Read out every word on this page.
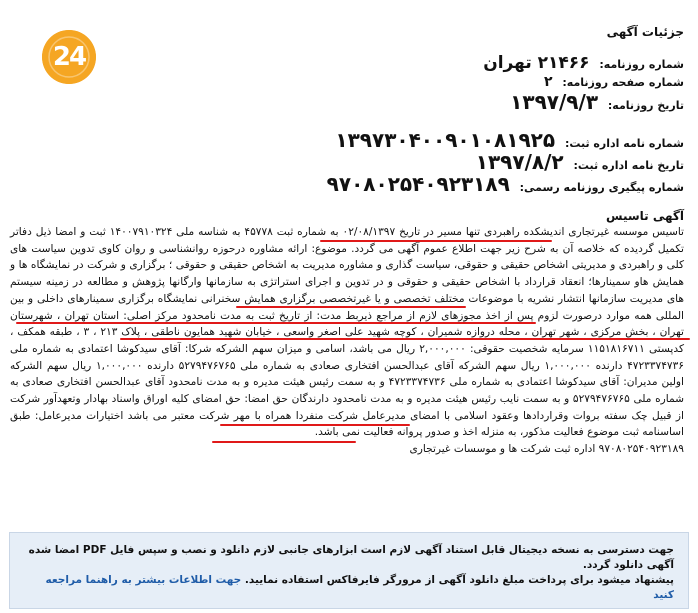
24
جزئیات آگهی
شماره روزنامه: ۲۱۴۶۶ تهران
شماره صفحه روزنامه: ۲
تاریخ روزنامه: ۱۳۹۷/۹/۳
شماره نامه اداره ثبت: ۱۳۹۷۳۰۴۰۰۹۰۱۰۸۱۹۲۵
تاریخ نامه اداره ثبت: ۱۳۹۷/۸/۲
شماره پیگیری روزنامه رسمی: ۹۷۰۸۰۲۵۴۰۹۲۳۱۸۹
آگهی تاسیس
تاسیس موسسه غیرتجاری اندیشکده راهبردی تنها مسیر در تاریخ ۰۲/۰۸/۱۳۹۷ به شماره ثبت ۴۵۷۷۸ به شناسه ملی ۱۴۰۰۷۹۱۰۳۲۴ ثبت و امضا ذیل دفاتر تکمیل گردیده که خلاصه آن به شرح زیر جهت اطلاع عموم آگهی می گردد. موضوع: ارائه مشاوره درحوزه روانشناسی و روان کاوی تدوین سیاست های کلی و راهبردی و مدیریتی اشخاص حقیقی و حقوقی، سیاست گذاری و مشاوره مدیریت به اشخاص حقیقی و حقوقی ؛ برگزاری و شرکت در نمایشگاه ها و همایش هاو سمینارها؛ انعقاد قرارداد با اشخاص حقیقی و حقوقی و در تدوین و اجرای استراتژی به سازمانها وارگانها پژوهش و مطالعه در زمینه سیستم های مدیریت سازمانها انتشار نشریه با موضوعات مختلف تخصصی و یا غیرتخصصی برگزاری همایش سخنرانی نمایشگاه برگزاری سمینارهای داخلی و بین المللی همه موارد درصورت لزوم پس از اخذ مجوزهای لازم از مراجع ذیربط مدت: از تاریخ ثبت به مدت نامحدود مرکز اصلی: استان تهران ، شهرستان تهران ، بخش مرکزی ، شهر تهران ، محله دروازه شمیران ، کوچه شهید علی اصغر واسعی ، خیابان شهید همایون ناطقی ، پلاک ۲۱۳ ، ۳ ، طبقه همکف ، کدپستی ۱۱۵۱۸۱۶۷۱۱ سرمایه شخصیت حقوقی: ۲,۰۰۰,۰۰۰ ریال می باشد، اسامی و میزان سهم الشرکه شرکا: آقای سیدکوشا اعتمادی به شماره ملی ۴۷۲۳۳۷۴۷۳۶ دارنده ۱,۰۰۰,۰۰۰ ریال سهم الشرکه آقای عبدالحسن افتخاری صعادی به شماره ملی ۵۲۷۹۴۷۶۷۶۵ دارنده ۱,۰۰۰,۰۰۰ ریال سهم الشرکه اولین مدیران: آقای سیدکوشا اعتمادی به شماره ملی ۴۷۲۳۳۷۴۷۳۶ و به سمت رئیس هیئت مدیره و به مدت نامحدود آقای عبدالحسن افتخاری صعادی به شماره ملی ۵۲۷۹۴۷۶۷۶۵ و به سمت نایب رئیس هیئت مدیره و به مدت نامحدود دارندگان حق امضا: حق امضای کلیه اوراق واسناد بهادار وتعهدآور شرکت از قبیل چک سفته بروات وقراردادها وعقود اسلامی با امضای مدیرعامل شرکت منفردا همراه با مهر شرکت معتبر می باشد اختیارات مدیرعامل: طبق اساسنامه ثبت موضوع فعالیت مذکور، به منزله اخذ و صدور پروانه فعالیت نمی باشد.
۹۷۰۸۰۲۵۴۰۹۲۳۱۸۹ اداره ثبت شرکت ها و موسسات غیرتجاری
جهت دسترسی به نسخه دیجیتال قابل استناد آگهی لازم است ابزارهای جانبی لازم دانلود و نصب و سپس فایل PDF امضا شده آگهی دانلود گردد.
پیشنهاد میشود برای پرداخت مبلغ دانلود آگهی از مرورگر فایرفاکس استفاده نمایید. جهت اطلاعات بیشتر به راهنما مراجعه کنید
